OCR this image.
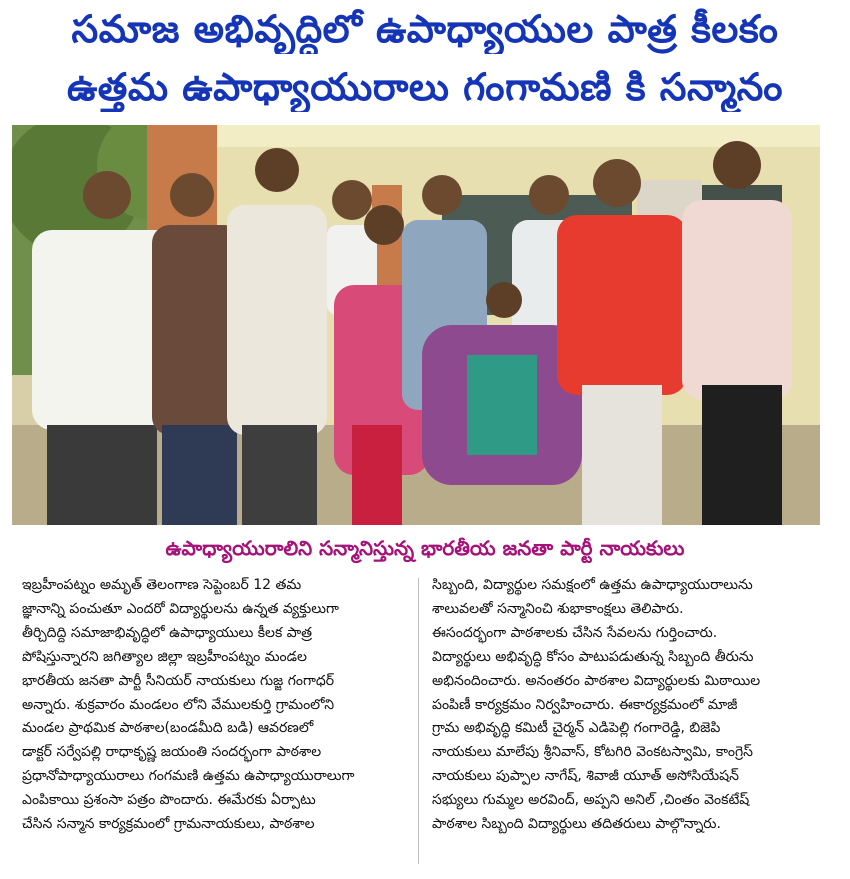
సమాజ అభివృద్ధిలో ఉపాధ్యాయుల పాత్ర కీలకం
ఉత్తమ ఉపాధ్యాయురాలు గంగామణి కి సన్మానం
ఉపాధ్యాయురాలిని సన్మానిస్తున్న భారతీయ జనతా పార్టీ నాయకులు
ఇబ్రహీంపట్నం అమృత్ తెలంగాణ సెప్టెంబర్ 12 తమ
జ్ఞానాన్ని పంచుతూ ఎందరో విద్యార్థులను ఉన్నత వ్యక్తులుగా
తీర్చిదిద్ది సమాజాభివృద్ధిలో ఉపాధ్యాయులు కీలక పాత్ర
పోషిస్తున్నారని జగిత్యాల జిల్లా ఇబ్రహీంపట్నం మండల
భారతీయ జనతా పార్టీ సీనియర్ నాయకులు గుజ్జ గంగాధర్
అన్నారు. శుక్రవారం మండలం లోని వేములకుర్తి గ్రామంలోని
మండల ప్రాథమిక పాఠశాల(బండమీది బడి) ఆవరణలో
డాక్టర్ సర్వేపల్లి రాధాకృష్ణ జయంతి సందర్భంగా పాఠశాల
ప్రధానోపాధ్యాయురాలు గంగమణి ఉత్తమ ఉపాధ్యాయురాలుగా
ఎంపికాయి ప్రశంసా పత్రం పొందారు. ఈమేరకు ఏర్పాటు
చేసిన సన్మాన కార్యక్రమంలో గ్రామనాయకులు, పాఠశాల
సిబ్బంది, విద్యార్థుల సమక్షంలో ఉత్తమ ఉపాధ్యాయురాలును
శాలువలతో సన్మానించి శుభాకాంక్షలు తెలిపారు.
ఈసందర్భంగా పాఠశాలకు చేసిన సేవలను గుర్తించారు.
విద్యార్థులు అభివృద్ధి కోసం పాటుపడుతున్న సిబ్బంది తీరును
అభినందించారు. అనంతరం పాఠశాల విద్యార్థులకు మిఠాయిల
పంపిణీ కార్యక్రమం నిర్వహించారు. ఈకార్యక్రమంలో మాజీ
గ్రామ అభివృద్ధి కమిటీ చైర్మన్ ఎడిపెల్లి గంగారెడ్డి, బిజెపి
నాయకులు మాలేపు శ్రీనివాస్, కోటగిరి వెంకటస్వామి, కాంగ్రెస్
నాయకులు పుప్పాల నాగేష్, శివాజీ యూత్ అసోసియేషన్
సభ్యులు గుమ్మల అరవింద్, అప్పని అనిల్ ,చింతం వెంకటేష్
పాఠశాల సిబ్బంది విద్యార్థులు తదితరులు పాల్గొన్నారు.
